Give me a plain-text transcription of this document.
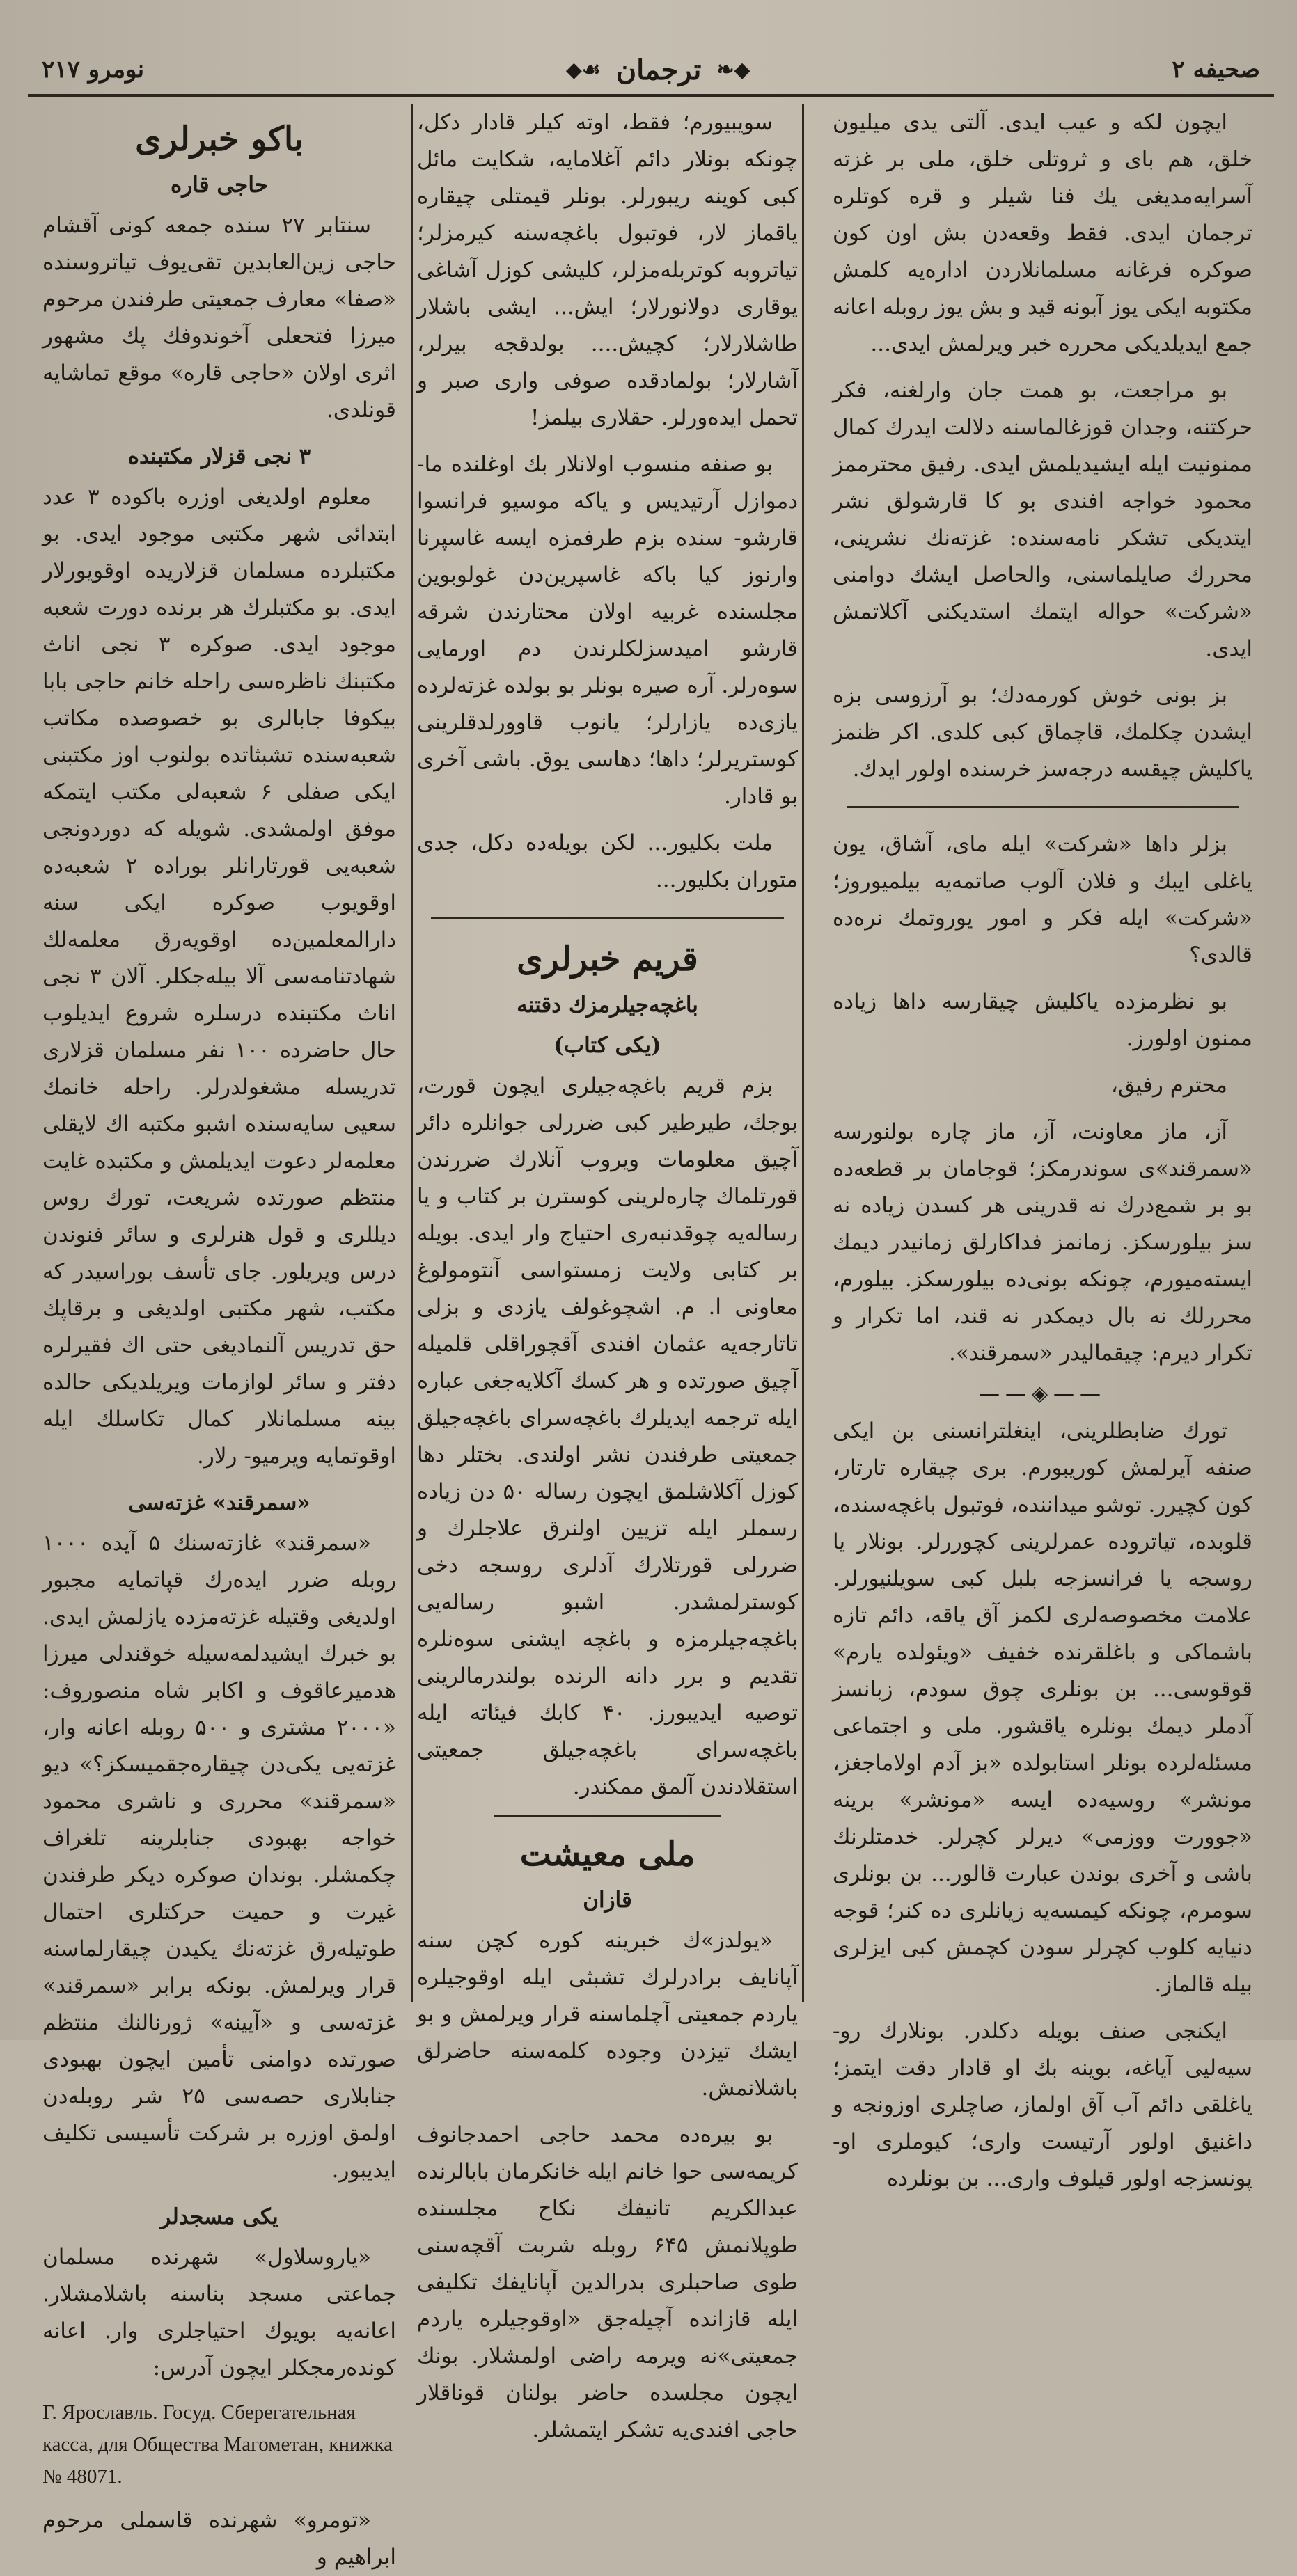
صحیفه ۲
◆❧
ترجمان
☙◆
نومرو ۲۱۷

ایچون لکه و عیب ایدی. آلتی یدی میلیون خلق، هم بای و ثروتلی خلق، ملی بر غزته آسرایه‌مدیغی یك فنا شیلر و قره کوتلره ترجمان ایدی. فقط وقعه‌دن بش اون کون صوکره فرغانه مسلمانلاردن اداره‌یه کلمش مکتوبه ایکی یوز آبونه قید و بش یوز روبله اعانه جمع ایدیلدیکی محرره خبر ویرلمش ایدی...

بو مراجعت، بو همت جان وارلغنه، فکر حرکتنه، وجدان قوزغالماسنه دلالت ایدرك کمال ممنونیت ایله ایشیدیلمش ایدی. رفیق محترممز محمود خواجه افندی بو کا قارشولق نشر ایتدیکی تشکر نامه‌سنده: غزته‌نك نشرینی، محررك صایلماسنی، والحاصل ایشك دوامنی «شرکت» حواله ایتمك استدیکنی آکلاتمش ایدی.

بز بونی خوش کورمه‌دك؛ بو آرزوسی بزه ایشدن چکلمك، قاچماق کبی کلدی. اکر ظنمز یاکلیش چیقسه درجه‌سز خرسنده اولور ایدك.

بزلر داها «شرکت» ایله مای، آشاق، یون یاغلی ایبك و فلان آلوب صاتمه‌یه بیلمیوروز؛ «شرکت» ایله فکر و امور یوروتمك نره‌ده قالدی؟

بو نظرمزده یاکلیش چیقارسه داها زیاده ممنون اولورز.

محترم رفیق،

آز، ماز معاونت، آز، ماز چاره بولنورسه «سمرقند»ی سوندرمکز؛ قوجامان بر قطعه‌ده بو بر شمع‌درك نه قدرینی هر کسدن زیاده نه سز بیلورسکز. زمانمز فداکارلق زمانیدر دیمك ایسته‌میورم، چونکه بونی‌ده بیلورسکز. بیلورم، محررلك نه بال دیمکدر نه قند، اما تکرار و تکرار دیرم: چیقمالیدر «سمرقند».

——◈——

تورك ضابطلرینی، اینغلترانسنی بن ایکی صنفه آیرلمش کوریبورم. بری چیقاره تارتار، کون کچیرر. توشو میداننده، فوتبول باغچه‌سنده، قلوبده، تیاتروده عمرلرینی کچوررلر. بونلار یا روسجه یا فرانسزجه بلبل کبی سویلنیورلر. علامت مخصوصه‌لری لکمز آق یاقه، دائم تازه باشماکی و باغلقرنده خفیف «ویئولده یارم» قوقوسی... بن بونلری چوق سودم، زبانسز آدملر دیمك بونلره یاقشور. ملی و اجتماعی مسئله‌لرده بونلر استابولده «بز آدم اولاماجغز، مونشر» روسیه‌ده ایسه «مونشر» برینه «جوورت ووزمی» دیرلر کچرلر. خدمتلرنك باشی و آخری بوندن عبارت قالور... بن بونلری سومرم، چونکه کیمسه‌یه زیانلری ده کنر؛ قوجه دنیایه کلوب کچرلر سودن کچمش کبی ایزلری بیله قالماز.

ایکنجی صنف بویله دکلدر. بونلارك رو- سیه‌لیی آیاغه، بوینه بك او قادار دقت ایتمز؛ یاغلقی دائم آب آق اولماز، صاچلری اوزونجه و داغنیق اولور آرتیست واری؛ کیوملری او- پونسزجه اولور قیلوف واری... بن بونلرده

سویبیورم؛ فقط، اوته کیلر قادار دکل، چونکه بونلار دائم آغلامایه، شکایت مائل کبی کوینه‌ ریبورلر. بونلر قیمتلی چیقاره یاقماز لار، فوتبول باغچه‌سنه کیرمزلر؛ تیاتروبه کوتربله‌مزلر، کلیشی کوزل آشاغی یوقاری دولانورلار؛ ایش... ایشی باشلار طاشلارلار؛ کچیش.... بولدقجه بیرلر، آشارلار؛ بولمادقده صوفی واری صبر و تحمل ایده‌ورلر. حقلاری بیلمز!

بو صنفه منسوب اولانلار بك اوغلنده ما- دموازل آرتیدیس و یاکه موسیو فرانسوا قارشو- سنده بزم طرفمزه ایسه غاسپرنا وارنوز کیا باکه غاسپرین‌دن غولوبوین مجلسنده غربیه اولان محتارندن شرقه قارشو امیدسزلکلرندن دم اورمایی سوه‌رلر. آره صیره بونلر بو بولده غزته‌لرده یازی‌ده یازارلر؛ یانوب قاوورلدقلرینی کوستریرلر؛ داها؛ دهاسی یوق. باشی آخری بو قادار.

ملت بکلیور... لکن بویله‌ده دکل، جدی متوران بکلیور...

قریم خبرلری
باغچه‌جیلرمزك دقتنه
(یکی کتاب)

بزم قریم باغچه‌جیلری ایچون قورت، بوجك، طیرطیر کبی ضررلی جوانلره دائر آچیق معلومات ویروب آنلارك ضررندن قورتلماك چاره‌لرینی کوسترن بر کتاب و یا رساله‌یه چوقدنبه‌ری احتیاج وار ایدی. بویله بر کتابی ولایت زمستواسی آنتومولوغ معاونی ا. م. اشچوغولف یازدی و بزلی تاتارجه‌یه عثمان افندی آقچوراقلی قلمیله آچیق صورتده و هر کسك آکلایه‌جغی عباره ایله ترجمه ایدیلرك باغچه‌سرای باغچه‌جیلق جمعیتی طرفندن نشر اولندی. بختلر دها کوزل آکلاشلمق ایچون رساله ۵۰ دن زیاده رسملر ایله تزیین اولنرق علاجلرك و ضررلی قورتلارك آدلری روسجه دخی کوسترلمشدر. اشبو رساله‌یی باغچه‌جیلرمزه و باغچه ایشنی سوه‌نلره تقدیم و برر دانه الرنده بولندرمالرینی توصیه ایدیبورز. ۴۰ کابك فیئاته ایله باغچه‌سرای باغچه‌جیلق جمعیتی استقلادندن آلمق ممکندر.

ملی معیشت
قازان

«یولدز»ك خبرینه کوره کچن سنه آپانایف برادرلرك تشبثی ایله اوقوجیلره یاردم جمعیتی آچلماسنه قرار ویرلمش و بو ایشك تیزدن وجوده کلمه‌سنه حاضرلق باشلانمش.

بو بیره‌ده محمد حاجی احمدجانوف کریمه‌سی حوا خانم ایله خانکرمان بابالرنده عبدالکریم تانیفك نکاح مجلسنده طوپلانمش ۶۴۵ روبله شربت آقچه‌سنی طوی صاحبلری بدرالدین آپانایفك تکلیفی ایله قازانده آچیله‌جق «اوقوجیلره یاردم جمعیتی»نه ویرمه راضی اولمشلار. بونك ایچون مجلسده حاضر بولنان قوناقلار حاجی افندی‌یه تشکر ایتمشلر.

باکو خبرلری
حاجی قاره

سنتابر ۲۷ سنده جمعه کونی آقشام حاجی زین‌العابدین تقی‌یوف تیاتروسنده «صفا» معارف جمعیتی طرفندن مرحوم میرزا فتحعلی آخوندوفك پك مشهور اثری اولان «حاجی قاره» موقع تماشایه قونلدی.

۳ نجی قزلار مکتبنده

معلوم اولدیغی اوزره باکوده ۳ عدد ابتدائی شهر مکتبی موجود ایدی. بو مکتبلرده مسلمان قزلاریده اوقویورلار ایدی. بو مکتبلرك هر برنده دورت شعبه موجود ایدی. صوکره ۳ نجی اناث مکتبنك ناظره‌سی راحله خانم حاجی بابا بیکوفا جابالری بو خصوصده مکاتب شعبه‌سنده تشبثاتده بولنوب اوز مکتبنی ایکی صفلی ۶ شعبه‌لی مکتب ایتمکه موفق اولمشدی. شویله که دوردونجی شعبه‌یی قورتارانلر بوراده ۲ شعبه‌ده اوقویوب صوکره ایکی سنه دارالمعلمین‌ده اوقویه‌رق معلمه‌لك شهادتنامه‌سی آلا بیله‌جکلر. آلان ۳ نجی اناث مکتبنده درسلره شروع ایدیلوب حال حاضرده ۱۰۰ نفر مسلمان قزلاری تدریسله مشغولدرلر. راحله خانمك سعیی سایه‌سنده اشبو مکتبه اك لایقلی معلمه‌لر دعوت ایدیلمش و مکتبده غایت منتظم صورتده شریعت، تورك روس دیللری و قول هنرلری و سائر فنوندن درس ویریلور. جای تأسف بوراسیدر که مکتب، شهر مکتبی اولدیغی و برقاپك حق تدریس آلنمادیغی حتی اك فقیرلره دفتر و سائر لوازمات ویریلدیکی حالده بینه مسلمانلار کمال تکاسلك ایله اوقوتمایه ویرمیو- رلار.

«سمرقند» غزته‌سی

«سمرقند» غازته‌سنك ۵ آیده ۱۰۰۰ روبله ضرر ایده‌رك قپاتمایه مجبور اولدیغی وقتیله غزته‌مزده یازلمش ایدی. بو خبرك ایشیدلمه‌سیله خوقندلی میرزا هدمیرعاقوف و اکابر شاه منصوروف: «۲۰۰۰ مشتری و ۵۰۰ روبله اعانه وار، غزته‌یی یکی‌دن چیقاره‌جقمیسکز؟» دیو «سمرقند» محرری و ناشری محمود خواجه بهبودی جنابلرینه تلغراف چکمشلر. بوندان صوکره دیکر طرفندن غیرت و حمیت حرکتلری احتمال طوتیله‌رق غزته‌نك یکیدن چیقارلماسنه قرار ویرلمش. بونکه برابر «سمرقند» غزته‌سی و «آیینه» ژورنالنك منتظم صورتده دوامنی تأمین ایچون بهبودی جنابلاری حصه‌سی ۲۵ شر روبله‌دن اولمق اوزره بر شرکت تأسیسی تکلیف ایدیبور.

یکی مسجدلر

«یاروسلاول» شهرنده مسلمان جماعتی مسجد بناسنه باشلامشلار. اعانه‌یه بویوك احتیاجلری وار. اعانه کونده‌رمجکلر ایچون آدرس:

Г. Ярославль. Госуд. Сберегательная касса, для Общества Магометан, книжка № 48071.

«تومرو» شهرنده قاسملی مرحوم ابراهیم و
